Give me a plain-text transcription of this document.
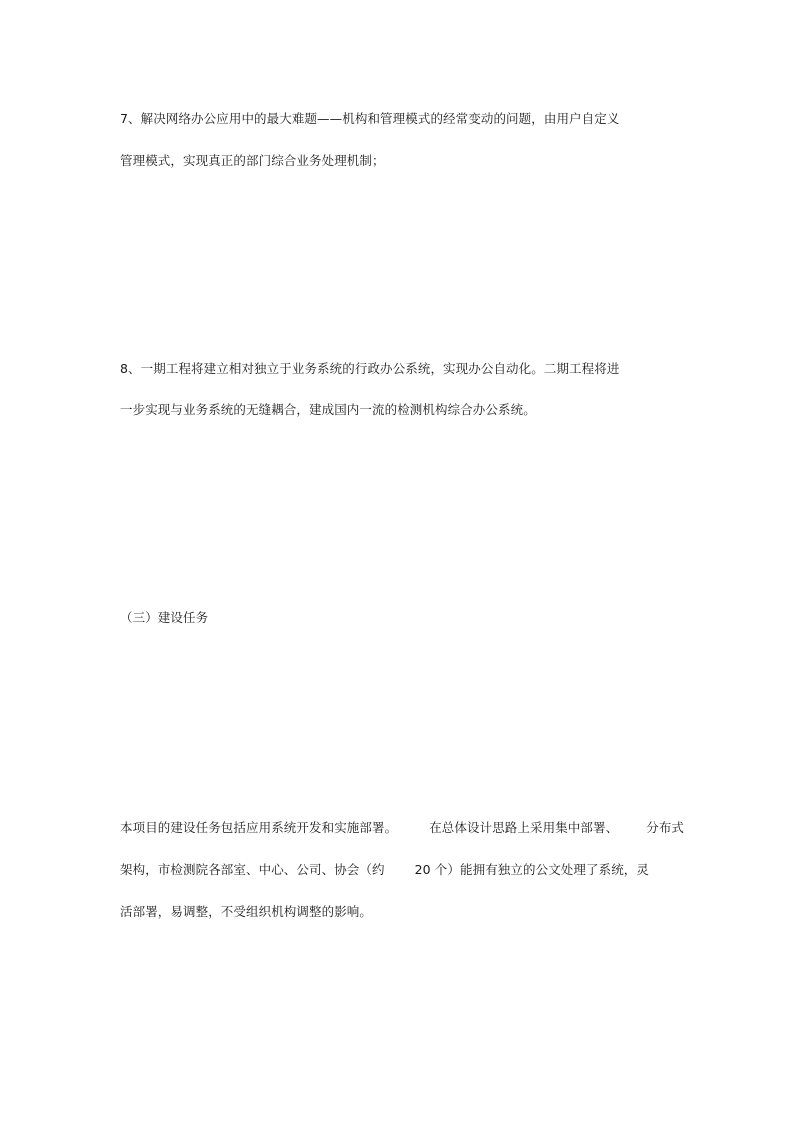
7、解决网络办公应用中的最大难题——机构和管理模式的经常变动的问题，由用户自定义
管理模式，实现真正的部门综合业务处理机制；
8、一期工程将建立相对独立于业务系统的行政办公系统，实现办公自动化。二期工程将进
一步实现与业务系统的无缝耦合，建成国内一流的检测机构综合办公系统。
（三）建设任务
本项目的建设任务包括应用系统开发和实施部署。	在总体设计思路上采用集中部署、 分布式
架构，市检测院各部室、中心、公司、协会（约 20 个）能拥有独立的公文处理了系统，灵
活部署，易调整，不受组织机构调整的影响。
